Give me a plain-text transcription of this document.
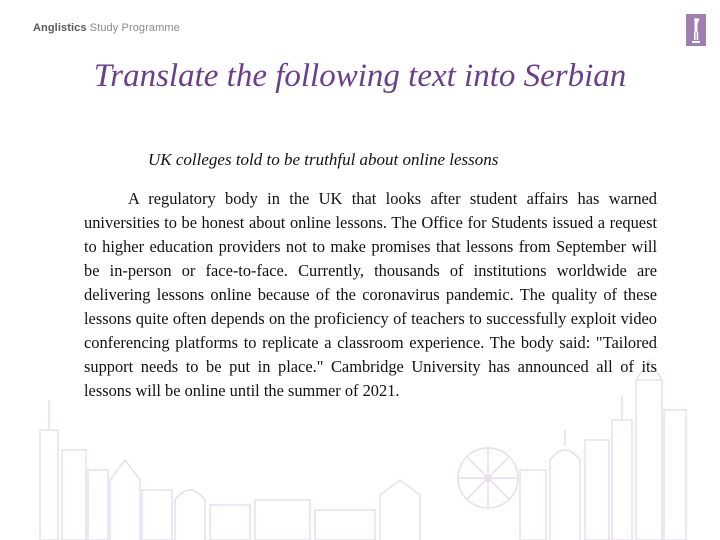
Anglistics Study Programme
Translate the following text into Serbian
UK colleges told to be truthful about online lessons
A regulatory body in the UK that looks after student affairs has warned universities to be honest about online lessons. The Office for Students issued a request to higher education providers not to make promises that lessons from September will be in-person or face-to-face. Currently, thousands of institutions worldwide are delivering lessons online because of the coronavirus pandemic. The quality of these lessons quite often depends on the proficiency of teachers to successfully exploit video conferencing platforms to replicate a classroom experience. The body said: "Tailored support needs to be put in place." Cambridge University has announced all of its lessons will be online until the summer of 2021.
